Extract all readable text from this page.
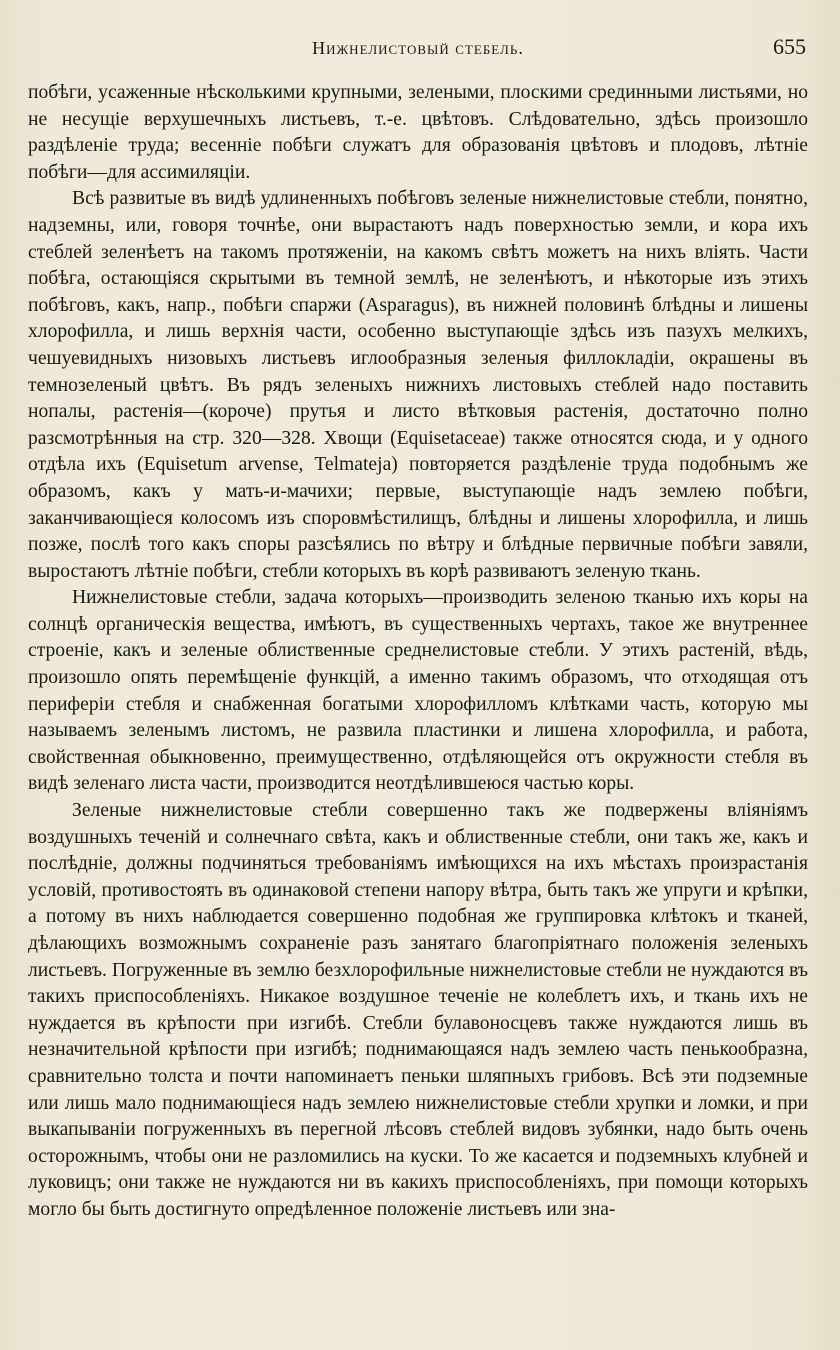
Нижнелистовый стебель.	655

побѣги, усаженные нѣсколькими крупными, зелеными, плоскими срединными листьями, но не несущіе верхушечныхъ листьевъ, т.-е. цвѣтовъ. Слѣдовательно, здѣсь произошло раздѣленіе труда; весенніе побѣги служатъ для образованія цвѣтовъ и плодовъ, лѣтніе побѣги—для ассимиляціи.

Всѣ развитые въ видѣ удлиненныхъ побѣговъ зеленые нижнелистовые стебли, понятно, надземны, или, говоря точнѣе, они вырастаютъ надъ поверхностью земли, и кора ихъ стеблей зеленѣетъ на такомъ протяженіи, на какомъ свѣтъ можетъ на нихъ вліять. Части побѣга, остающіяся скрытыми въ темной землѣ, не зеленѣютъ, и нѣкоторые изъ этихъ побѣговъ, какъ, напр., побѣги спаржи (Asparagus), въ нижней половинѣ блѣдны и лишены хлорофилла, и лишь верхнія части, особенно выступающіе здѣсь изъ пазухъ мелкихъ, чешуевидныхъ низовыхъ листьевъ иглообразныя зеленыя филлокладіи, окрашены въ темнозеленый цвѣтъ. Въ рядъ зеленыхъ нижнихъ листовыхъ стеблей надо поставить нопалы, растенія—(короче) прутья и листо вѣтковыя растенія, достаточно полно разсмотрѣнныя на стр. 320—328. Хвощи (Equisetaceae) также относятся сюда, и у одного отдѣла ихъ (Equisetum arvense, Telmateja) повторяется раздѣленіе труда подобнымъ же образомъ, какъ у мать-и-мачихи; первые, выступающіе надъ землею побѣги, заканчивающіеся колосомъ изъ споровмѣстилищъ, блѣдны и лишены хлорофилла, и лишь позже, послѣ того какъ споры разсѣялись по вѣтру и блѣдные первичные побѣги завяли, выростаютъ лѣтніе побѣги, стебли которыхъ въ корѣ развиваютъ зеленую ткань.

Нижнелистовые стебли, задача которыхъ—производить зеленою тканью ихъ коры на солнцѣ органическія вещества, имѣютъ, въ существенныхъ чертахъ, такое же внутреннее строеніе, какъ и зеленые облиственные среднелистовые стебли. У этихъ растеній, вѣдь, произошло опять перемѣщеніе функцій, а именно такимъ образомъ, что отходящая отъ периферіи стебля и снабженная богатыми хлорофилломъ клѣтками часть, которую мы называемъ зеленымъ листомъ, не развила пластинки и лишена хлорофилла, и работа, свойственная обыкновенно, преимущественно, отдѣляющейся отъ окружности стебля въ видѣ зеленаго листа части, производится неотдѣлившеюся частью коры.

Зеленые нижнелистовые стебли совершенно такъ же подвержены вліяніямъ воздушныхъ теченій и солнечнаго свѣта, какъ и облиственные стебли, они такъ же, какъ и послѣдніе, должны подчиняться требованіямъ имѣющихся на ихъ мѣстахъ произрастанія условій, противостоять въ одинаковой степени напору вѣтра, быть такъ же упруги и крѣпки, а потому въ нихъ наблюдается совершенно подобная же группировка клѣтокъ и тканей, дѣлающихъ возможнымъ сохраненіе разъ занятаго благопріятнаго положенія зеленыхъ листьевъ. Погруженные въ землю безхлорофильные нижнелистовые стебли не нуждаются въ такихъ приспособленіяхъ. Никакое воздушное теченіе не колеблетъ ихъ, и ткань ихъ не нуждается въ крѣпости при изгибѣ. Стебли булавоносцевъ также нуждаются лишь въ незначительной крѣпости при изгибѣ; поднимающаяся надъ землею часть пенькообразна, сравнительно толста и почти напоминаетъ пеньки шляпныхъ грибовъ. Всѣ эти подземные или лишь мало поднимающіеся надъ землею нижнелистовые стебли хрупки и ломки, и при выкапываніи погруженныхъ въ перегной лѣсовъ стеблей видовъ зубянки, надо быть очень осторожнымъ, чтобы они не разломились на куски. То же касается и подземныхъ клубней и луковицъ; они также не нуждаются ни въ какихъ приспособленіяхъ, при помощи которыхъ могло бы быть достигнуто опредѣленное положеніе листьевъ или зна-
